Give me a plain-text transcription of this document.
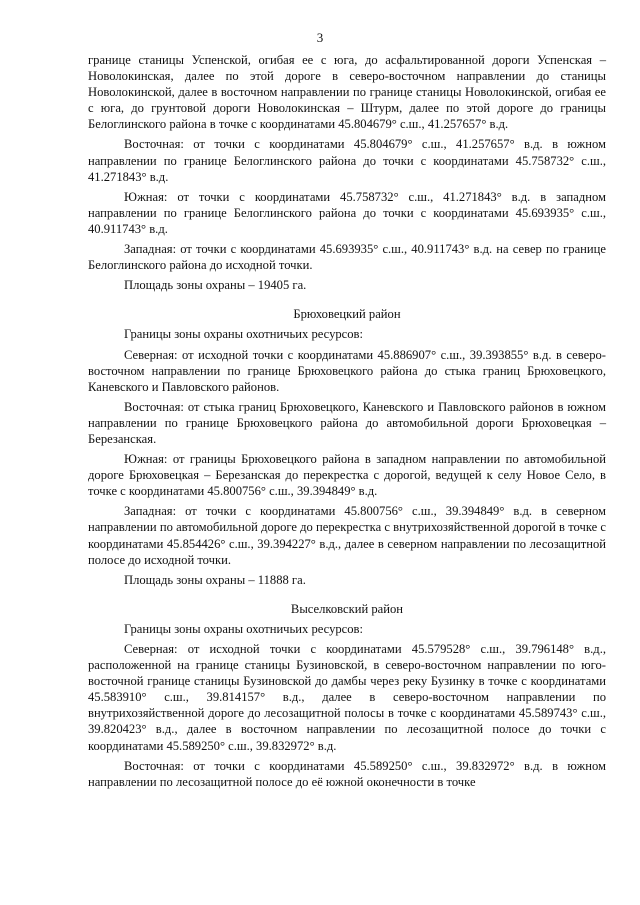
3

границе станицы Успенской, огибая ее с юга, до асфальтированной дороги Успенская – Новолокинская, далее по этой дороге в северо-восточном направлении до станицы Новолокинской, далее в восточном направлении по границе станицы Новолокинской, огибая ее с юга, до грунтовой дороги Новолокинская – Штурм, далее по этой дороге до границы Белоглинского района в точке с координатами 45.804679° с.ш., 41.257657° в.д.

Восточная: от точки с координатами 45.804679° с.ш., 41.257657° в.д. в южном направлении по границе Белоглинского района до точки с координатами 45.758732° с.ш., 41.271843° в.д.

Южная: от точки с координатами 45.758732° с.ш., 41.271843° в.д. в западном направлении по границе Белоглинского района до точки с координатами 45.693935° с.ш., 40.911743° в.д.

Западная: от точки с координатами 45.693935° с.ш., 40.911743° в.д. на север по границе Белоглинского района до исходной точки.

Площадь зоны охраны – 19405 га.

Брюховецкий район

Границы зоны охраны охотничьих ресурсов:

Северная: от исходной точки с координатами 45.886907° с.ш., 39.393855° в.д. в северо-восточном направлении по границе Брюховецкого района до стыка границ Брюховецкого, Каневского и Павловского районов.

Восточная: от стыка границ Брюховецкого, Каневского и Павловского районов в южном направлении по границе Брюховецкого района до автомобильной дороги Брюховецкая – Березанская.

Южная: от границы Брюховецкого района в западном направлении по автомобильной дороге Брюховецкая – Березанская до перекрестка с дорогой, ведущей к селу Новое Село, в точке с координатами 45.800756° с.ш., 39.394849° в.д.

Западная: от точки с координатами 45.800756° с.ш., 39.394849° в.д. в северном направлении по автомобильной дороге до перекрестка с внутрихозяйственной дорогой в точке с координатами 45.854426° с.ш., 39.394227° в.д., далее в северном направлении по лесозащитной полосе до исходной точки.

Площадь зоны охраны – 11888 га.

Выселковский район

Границы зоны охраны охотничьих ресурсов:

Северная: от исходной точки с координатами 45.579528° с.ш., 39.796148° в.д., расположенной на границе станицы Бузиновской, в северо-восточном направлении по юго-восточной границе станицы Бузиновской до дамбы через реку Бузинку в точке с координатами 45.583910° с.ш., 39.814157° в.д., далее в северо-восточном направлении по внутрихозяйственной дороге до лесозащитной полосы в точке с координатами 45.589743° с.ш., 39.820423° в.д., далее в восточном направлении по лесозащитной полосе до точки с координатами 45.589250° с.ш., 39.832972° в.д.

Восточная: от точки с координатами 45.589250° с.ш., 39.832972° в.д. в южном направлении по лесозащитной полосе до её южной оконечности в точке
